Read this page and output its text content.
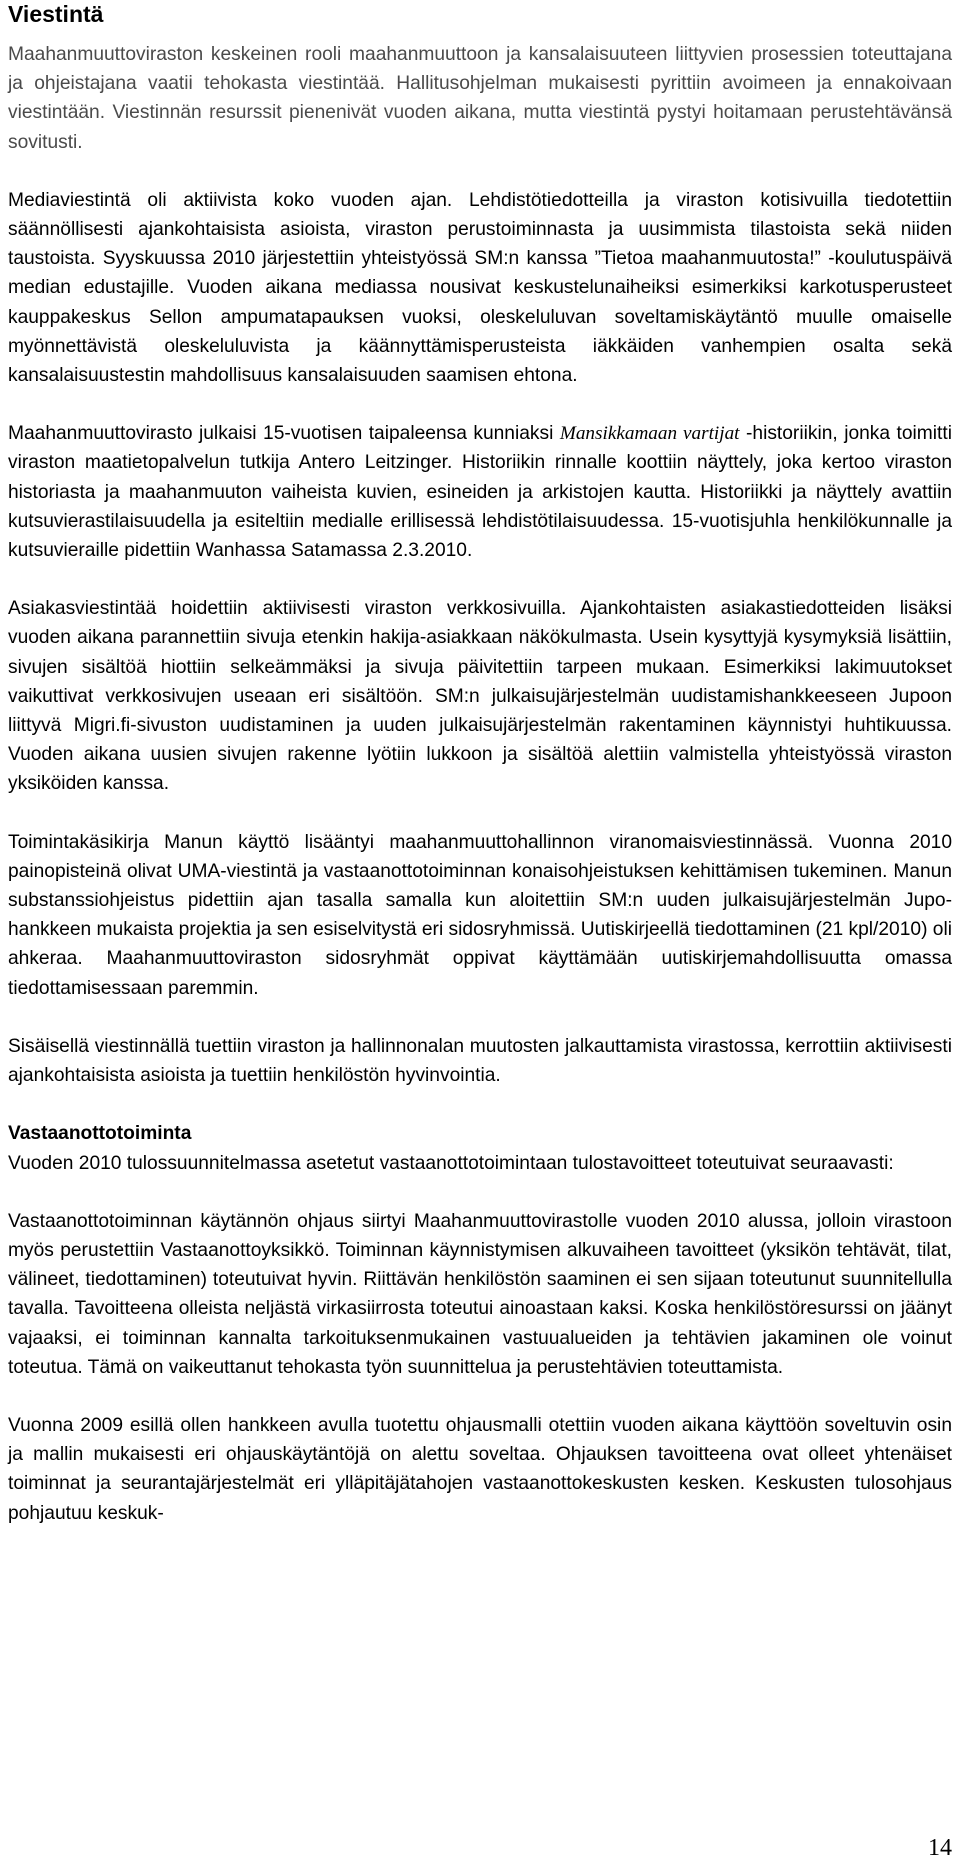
Viestintä

Maahanmuuttoviraston keskeinen rooli maahanmuuttoon ja kansalaisuuteen liittyvien prosessien toteuttajana ja ohjeistajana vaatii tehokasta viestintää. Hallitusohjelman mukaisesti pyrittiin avoimeen ja ennakoivaan viestintään. Viestinnän resurssit pienenivät vuoden aikana, mutta viestintä pystyi hoitamaan perustehtävänsä sovitusti.

Mediaviestintä oli aktiivista koko vuoden ajan. Lehdistötiedotteilla ja viraston kotisivuilla tiedotettiin säännöllisesti ajankohtaisista asioista, viraston perustoiminnasta ja uusimmista tilastoista sekä niiden taustoista. Syyskuussa 2010 järjestettiin yhteistyössä SM:n kanssa ”Tietoa maahanmuutosta!” -koulutuspäivä median edustajille. Vuoden aikana mediassa nousivat keskustelunaiheiksi esimerkiksi karkotusperusteet kauppakeskus Sellon ampumatapauksen vuoksi, oleskeluluvan soveltamiskäytäntö muulle omaiselle myönnettävistä oleskeluluvista ja käännyttämisperusteista iäkkäiden vanhempien osalta sekä kansalaisuustestin mahdollisuus kansalaisuuden saamisen ehtona.

Maahanmuuttovirasto julkaisi 15-vuotisen taipaleensa kunniaksi Mansikkamaan vartijat -historiikin, jonka toimitti viraston maatietopalvelun tutkija Antero Leitzinger. Historiikin rinnalle koottiin näyttely, joka kertoo viraston historiasta ja maahanmuuton vaiheista kuvien, esineiden ja arkistojen kautta. Historiikki ja näyttely avattiin kutsuvierastilaisuudella ja esiteltiin medialle erillisessä lehdistötilaisuudessa. 15-vuotisjuhla henkilökunnalle ja kutsuvieraille pidettiin Wanhassa Satamassa 2.3.2010.

Asiakasviestintää hoidettiin aktiivisesti viraston verkkosivuilla. Ajankohtaisten asiakastiedotteiden lisäksi vuoden aikana parannettiin sivuja etenkin hakija-asiakkaan näkökulmasta. Usein kysyttyjä kysymyksiä lisättiin, sivujen sisältöä hiottiin selkeämmäksi ja sivuja päivitettiin tarpeen mukaan. Esimerkiksi lakimuutokset vaikuttivat verkkosivujen useaan eri sisältöön. SM:n julkaisujärjestelmän uudistamishankkeeseen Jupoon liittyvä Migri.fi-sivuston uudistaminen ja uuden julkaisujärjestelmän rakentaminen käynnistyi huhtikuussa. Vuoden aikana uusien sivujen rakenne lyötiin lukkoon ja sisältöä alettiin valmistella yhteistyössä viraston yksiköiden kanssa.

Toimintakäsikirja Manun käyttö lisääntyi maahanmuuttohallinnon viranomaisviestinnässä. Vuonna 2010 painopisteinä olivat UMA-viestintä ja vastaanottotoiminnan konaisohjeistuksen kehittämisen tukeminen. Manun substanssiohjeistus pidettiin ajan tasalla samalla kun aloitettiin SM:n uuden julkaisujärjestelmän Jupo-hankkeen mukaista projektia ja sen esiselvitystä eri sidosryhmissä. Uutiskirjeellä tiedottaminen (21 kpl/2010) oli ahkeraa. Maahanmuuttoviraston sidosryhmät oppivat käyttämään uutiskirjemahdollisuutta omassa tiedottamisessaan paremmin.

Sisäisellä viestinnällä tuettiin viraston ja hallinnonalan muutosten jalkauttamista virastossa, kerrottiin aktiivisesti ajankohtaisista asioista ja tuettiin henkilöstön hyvinvointia.

Vastaanottotoiminta

Vuoden 2010 tulossuunnitelmassa asetetut vastaanottotoimintaan tulostavoitteet toteutuivat seuraavasti:

Vastaanottotoiminnan käytännön ohjaus siirtyi Maahanmuuttovirastolle vuoden 2010 alussa, jolloin virastoon myös perustettiin Vastaanottoyksikkö. Toiminnan käynnistymisen alkuvaiheen tavoitteet (yksikön tehtävät, tilat, välineet, tiedottaminen) toteutuivat hyvin. Riittävän henkilöstön saaminen ei sen sijaan toteutunut suunnitellulla tavalla. Tavoitteena olleista neljästä virkasiirrosta toteutui ainoastaan kaksi. Koska henkilöstöresurssi on jäänyt vajaaksi, ei toiminnan kannalta tarkoituksenmukainen vastuualueiden ja tehtävien jakaminen ole voinut toteutua. Tämä on vaikeuttanut tehokasta työn suunnittelua ja perustehtävien toteuttamista.

Vuonna 2009 esillä ollen hankkeen avulla tuotettu ohjausmalli otettiin vuoden aikana käyttöön soveltuvin osin ja mallin mukaisesti eri ohjauskäytäntöjä on alettu soveltaa. Ohjauksen tavoitteena ovat olleet yhtenäiset toiminnat ja seurantajärjestelmät eri ylläpitäjätahojen vastaanottokeskusten kesken. Keskusten tulosohjaus pohjautuu keskuk-

14
